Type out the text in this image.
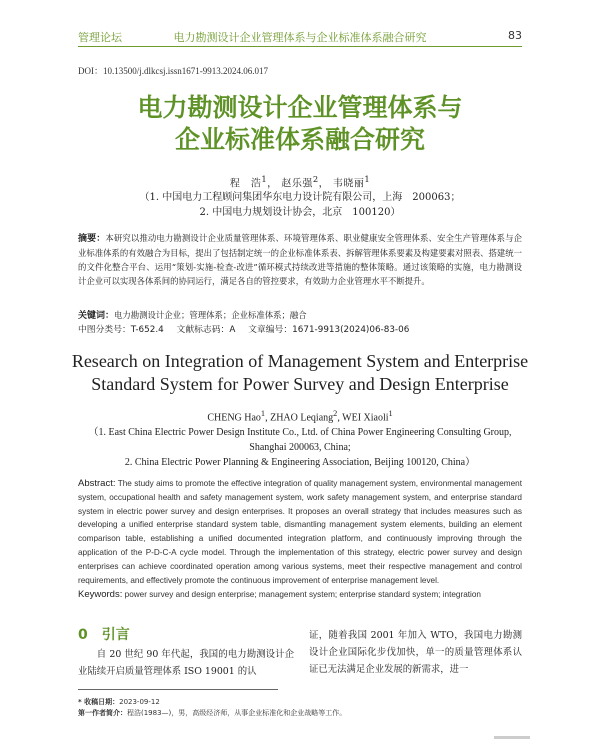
管理论坛	电力勘测设计企业管理体系与企业标准体系融合研究	83
DOI：10.13500/j.dlkcsj.issn1671-9913.2024.06.017
电力勘测设计企业管理体系与
企业标准体系融合研究
程　浩$^1$， 赵乐强$^2$， 韦晓丽$^1$
（1. 中国电力工程顾问集团华东电力设计院有限公司，上海　200063；
2. 中国电力规划设计协会，北京　100120）
摘要：本研究以推动电力勘测设计企业质量管理体系、环境管理体系、职业健康安全管理体系、安全生产管理体系与企业标准体系的有效融合为目标，提出了包括制定统一的企业标准体系表、拆解管理体系要素及构建要素对照表、搭建统一的文件化整合平台、运用“策划-实施-检查-改进”循环模式持续改进等措施的整体策略。通过该策略的实施，电力勘测设计企业可以实现各体系间的协同运行，满足各自的管控要求，有效助力企业管理水平不断提升。
关键词：电力勘测设计企业；管理体系；企业标准体系；融合
中图分类号：T-652.4 文献标志码：A 文章编号：1671-9913(2024)06-83-06
Research on Integration of Management System and Enterprise
Standard System for Power Survey and Design Enterprise
CHENG Hao$^1$, ZHAO Leqiang$^2$, WEI Xiaoli$^1$
（1. East China Electric Power Design Institute Co., Ltd. of China Power Engineering Consulting Group,
Shanghai 200063, China;
2. China Electric Power Planning & Engineering Association, Beijing 100120, China）
Abstract: The study aims to promote the effective integration of quality management system, environmental management system, occupational health and safety management system, work safety management system, and enterprise standard system in electric power survey and design enterprises. It proposes an overall strategy that includes measures such as developing a unified enterprise standard system table, dismantling management system elements, building an element comparison table, establishing a unified documented integration platform, and continuously improving through the application of the P-D-C-A cycle model. Through the implementation of this strategy, electric power survey and design enterprises can achieve coordinated operation among various systems, meet their respective management and control requirements, and effectively promote the continuous improvement of enterprise management level.
Keywords: power survey and design enterprise; management system; enterprise standard system; integration
0 引言
自 20 世纪 90 年代起，我国的电力勘测设计企业陆续开启质量管理体系 ISO 19001 的认
证，随着我国 2001 年加入 WTO，我国电力勘测设计企业国际化步伐加快，单一的质量管理体系认证已无法满足企业发展的新需求，进一
* 收稿日期：2023-09-12
第一作者简介：程浩(1983—)，男，高级经济师，从事企业标准化和企业战略等工作。
